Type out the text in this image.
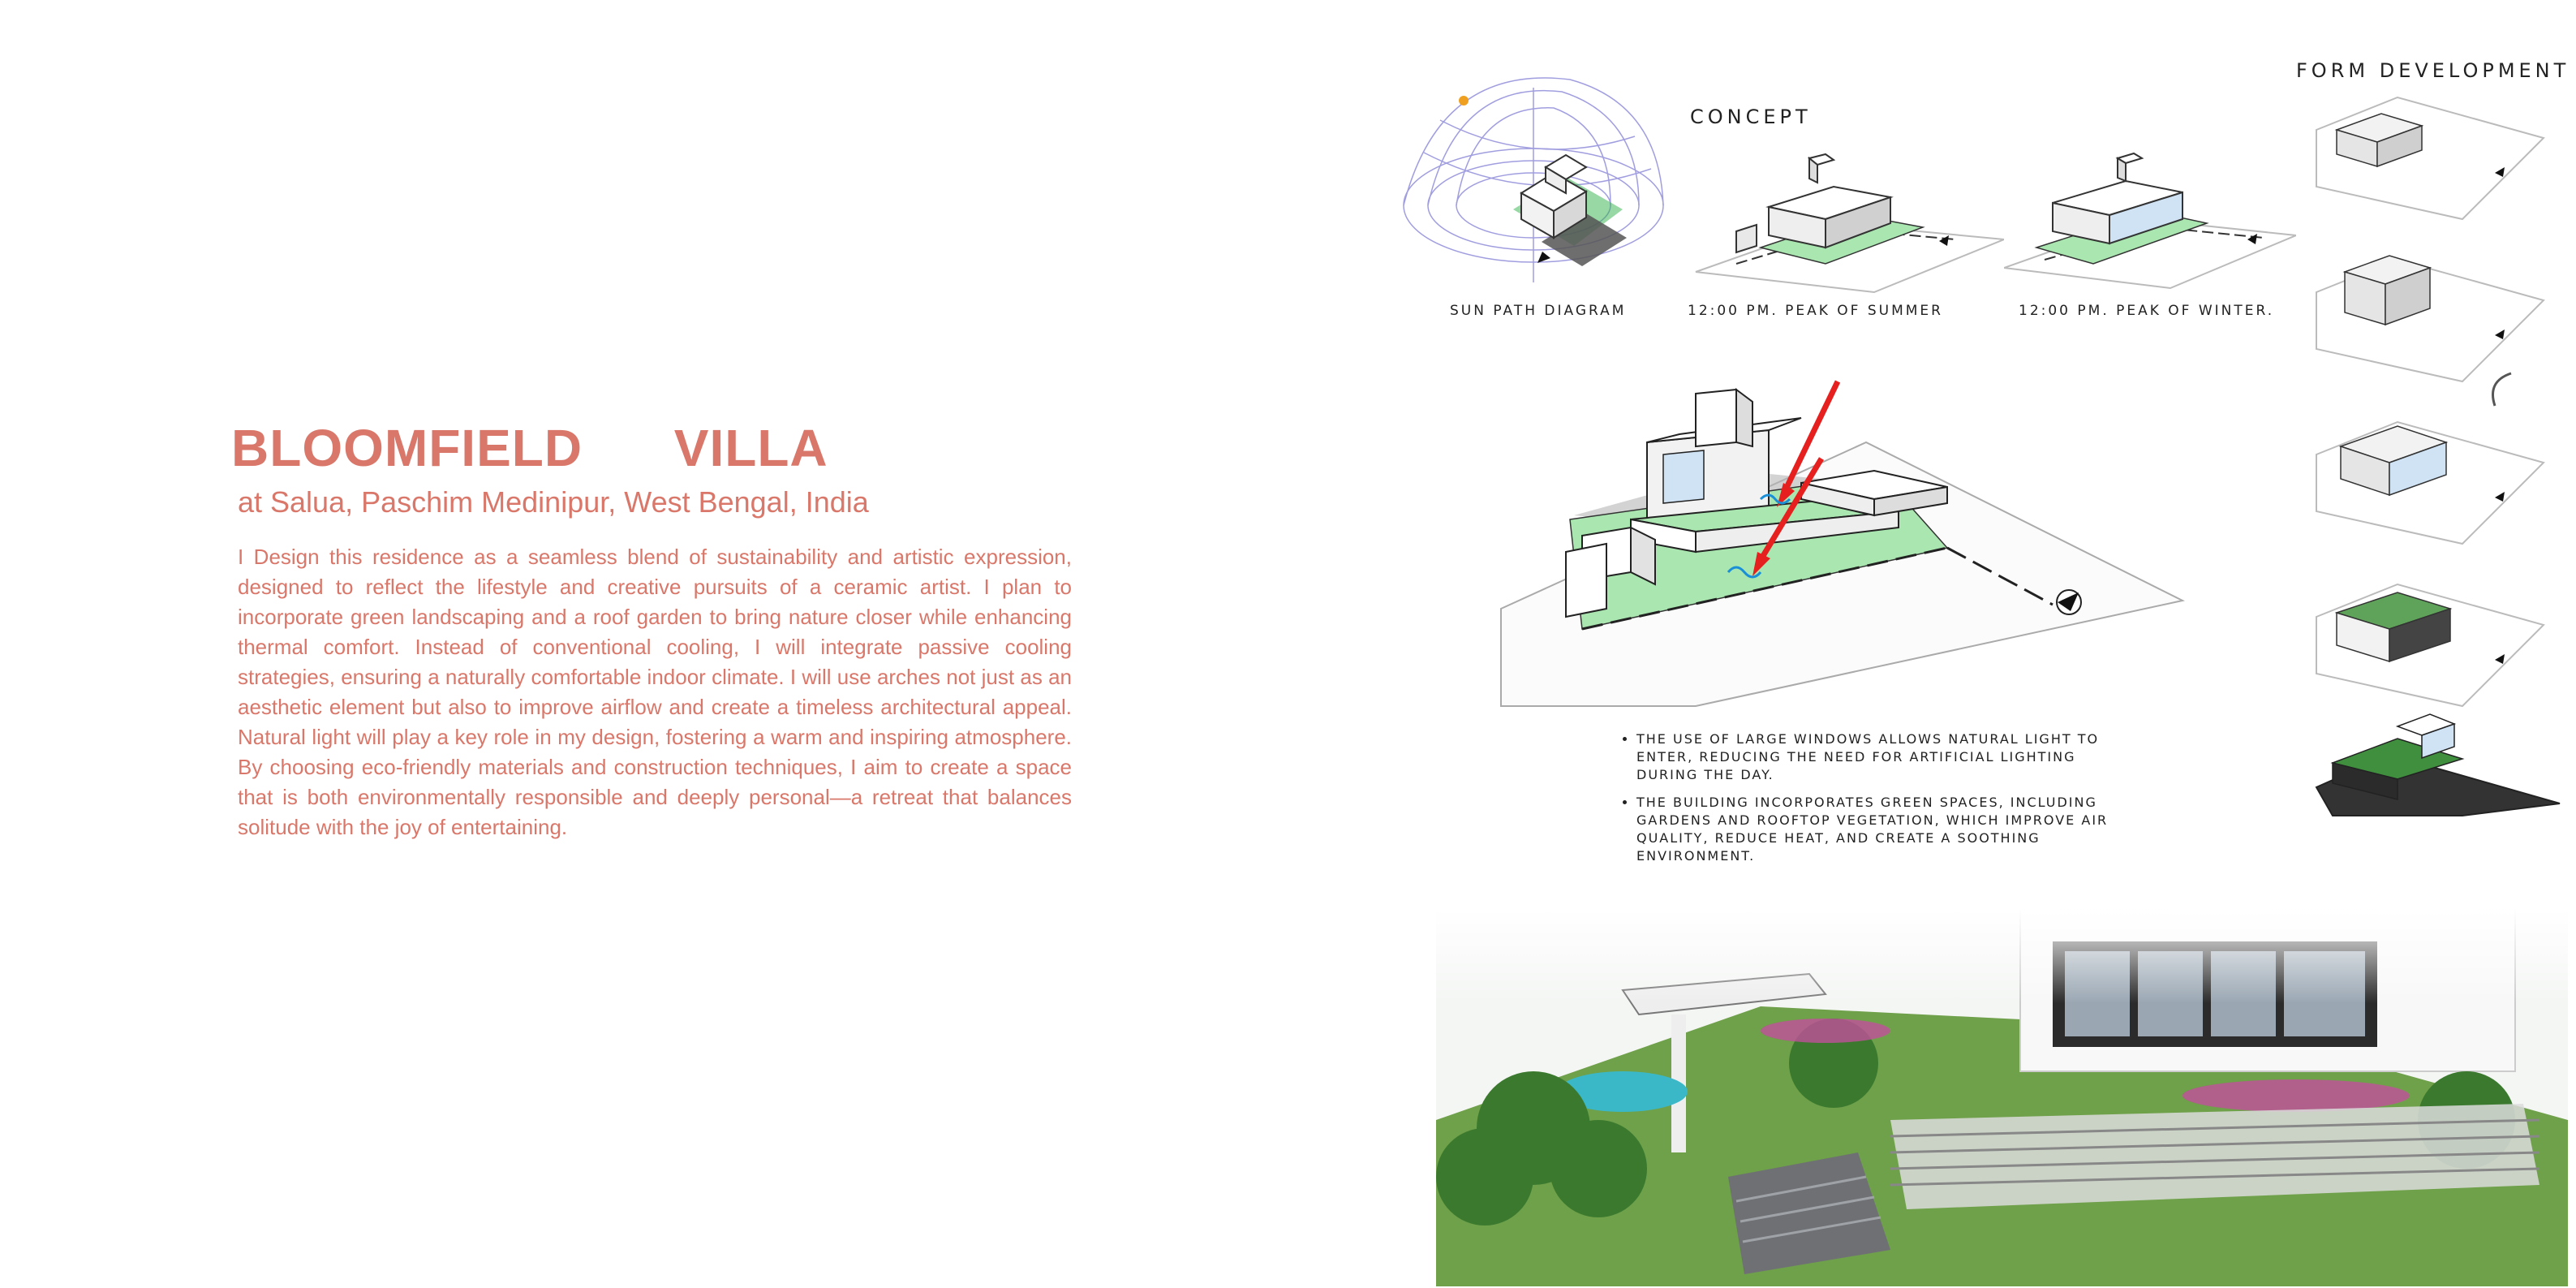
BLOOMFIELD      VILLA
at Salua, Paschim Medinipur, West Bengal, India
I Design this residence as a seamless blend of sustainability and artistic expression, designed to reflect the lifestyle and creative pursuits of a ceramic artist. I plan to incorporate green landscaping and a roof garden to bring nature closer while enhancing thermal comfort. Instead of conventional cooling, I will integrate passive cooling strategies, ensuring a naturally comfortable indoor climate. I will use arches not just as an aesthetic element but also to improve airflow and create a timeless architectural appeal. Natural light will play a key role in my design, fostering a warm and inspiring atmosphere. By choosing eco-friendly materials and construction techniques, I aim to create a space that is both environmentally responsible and deeply personal—a retreat that balances solitude with the joy of entertaining.
CONCEPT
SUN PATH DIAGRAM	12:00 PM. PEAK OF SUMMER	12:00 PM. PEAK OF WINTER.
FORM DEVELOPMENT
• THE USE OF LARGE WINDOWS ALLOWS NATURAL LIGHT TO ENTER, REDUCING THE NEED FOR ARTIFICIAL LIGHTING DURING THE DAY.
• THE BUILDING INCORPORATES GREEN SPACES, INCLUDING GARDENS AND ROOFTOP VEGETATION, WHICH IMPROVE AIR QUALITY, REDUCE HEAT, AND CREATE A SOOTHING ENVIRONMENT.
